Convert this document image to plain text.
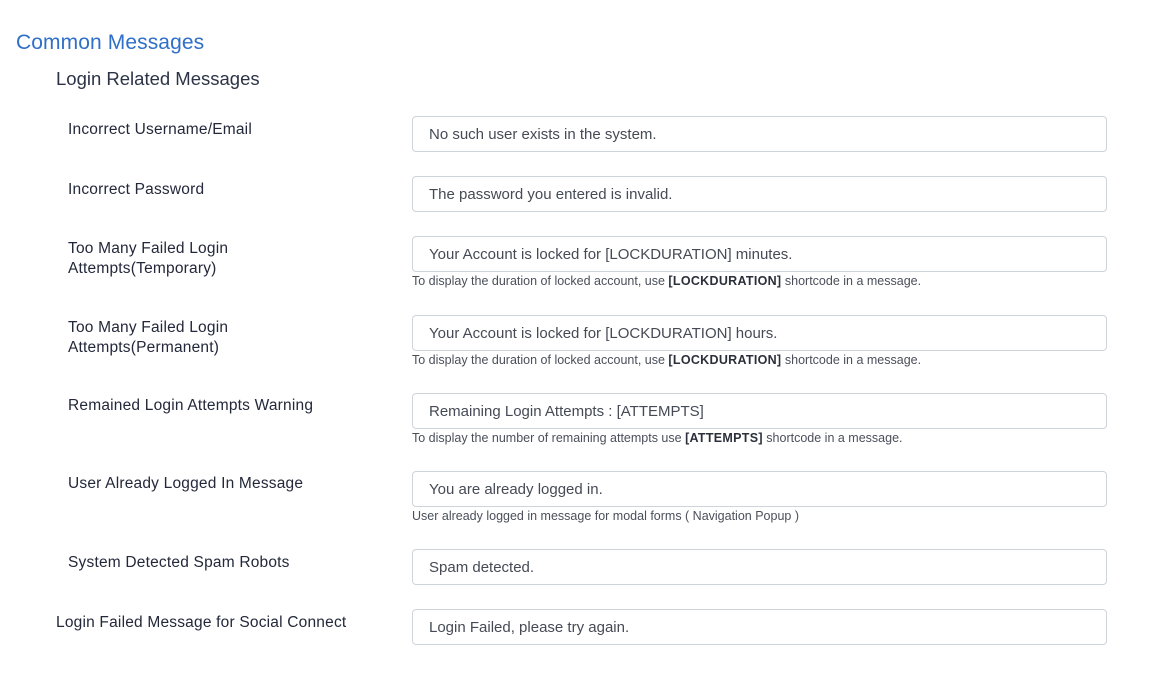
Common Messages
Login Related Messages
Incorrect Username/Email
No such user exists in the system.
Incorrect Password
The password you entered is invalid.
Too Many Failed Login
Attempts(Temporary)
Your Account is locked for [LOCKDURATION] minutes.
To display the duration of locked account, use [LOCKDURATION] shortcode in a message.
Too Many Failed Login
Attempts(Permanent)
Your Account is locked for [LOCKDURATION] hours.
To display the duration of locked account, use [LOCKDURATION] shortcode in a message.
Remained Login Attempts Warning
Remaining Login Attempts : [ATTEMPTS]
To display the number of remaining attempts use [ATTEMPTS] shortcode in a message.
User Already Logged In Message
You are already logged in.
User already logged in message for modal forms ( Navigation Popup )
System Detected Spam Robots
Spam detected.
Login Failed Message for Social Connect
Login Failed, please try again.
